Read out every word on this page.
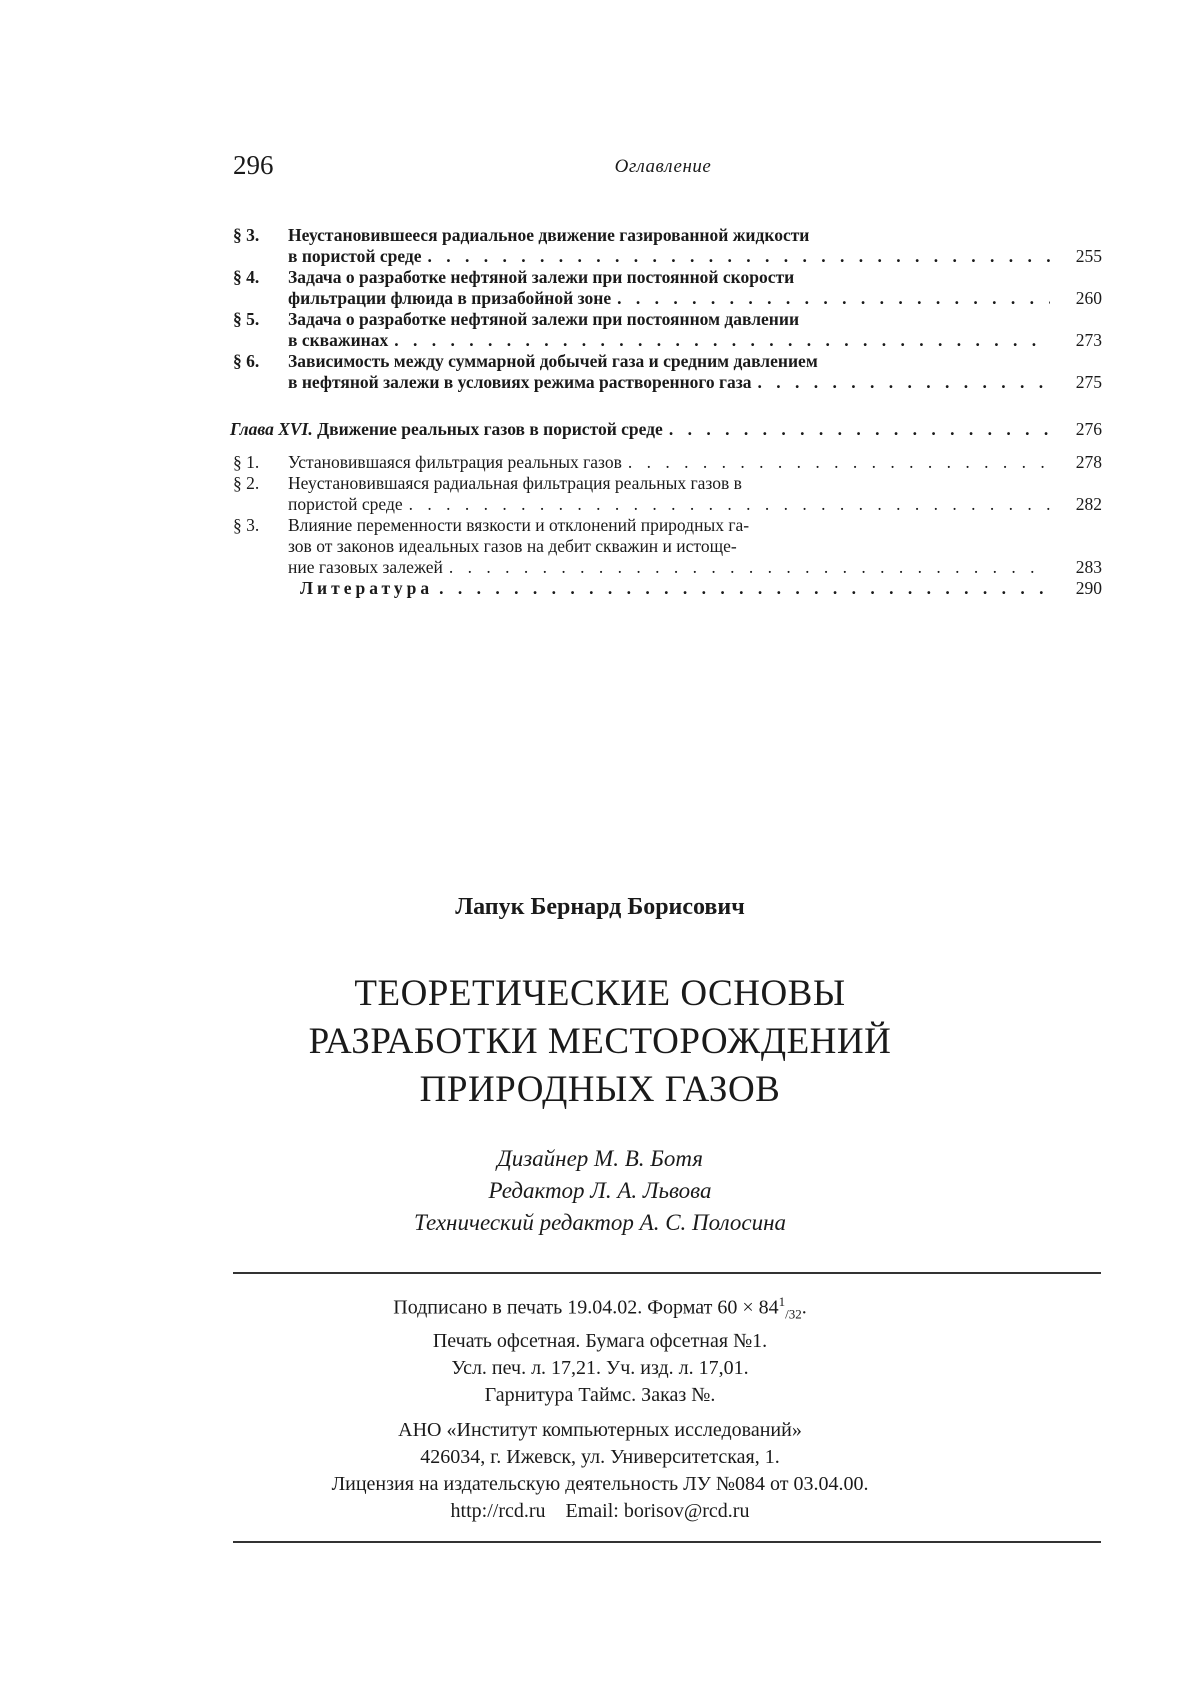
296	Оглавление
§ 3.	Неустановившееся радиальное движение газированной жидкости
в пористой среде . . .	255
§ 4.	Задача о разработке нефтяной залежи при постоянной скорости
фильтрации флюида в призабойной зоне . . .	260
§ 5.	Задача о разработке нефтяной залежи при постоянном давлении
в скважинах . . .	273
§ 6.	Зависимость между суммарной добычей газа и средним давлением
в нефтяной залежи в условиях режима растворенного газа . . .	275
Глава XVI. Движение реальных газов в пористой среде . . .	276
§ 1.	Установившаяся фильтрация реальных газов . . .	278
§ 2.	Неустановившаяся радиальная фильтрация реальных газов в
пористой среде . . .	282
§ 3.	Влияние переменности вязкости и отклонений природных га-
зов от законов идеальных газов на дебит скважин и истоще-
ние газовых залежей . . .	283
Литература . . .	290
Лапук Бернард Борисович
ТЕОРЕТИЧЕСКИЕ ОСНОВЫ
РАЗРАБОТКИ МЕСТОРОЖДЕНИЙ
ПРИРОДНЫХ ГАЗОВ
Дизайнер М. В. Ботя
Редактор Л. А. Львова
Технический редактор А. С. Полосина
Подписано в печать 19.04.02. Формат $60 \times 84^1_{/32}$.
Печать офсетная. Бумага офсетная №1.
Усл. печ. л. 17,21. Уч. изд. л. 17,01.
Гарнитура Таймс. Заказ №.
АНО «Институт компьютерных исследований»
426034, г. Ижевск, ул. Университетская, 1.
Лицензия на издательскую деятельность ЛУ №084 от 03.04.00.
http://rcd.ru Email: borisov@rcd.ru
